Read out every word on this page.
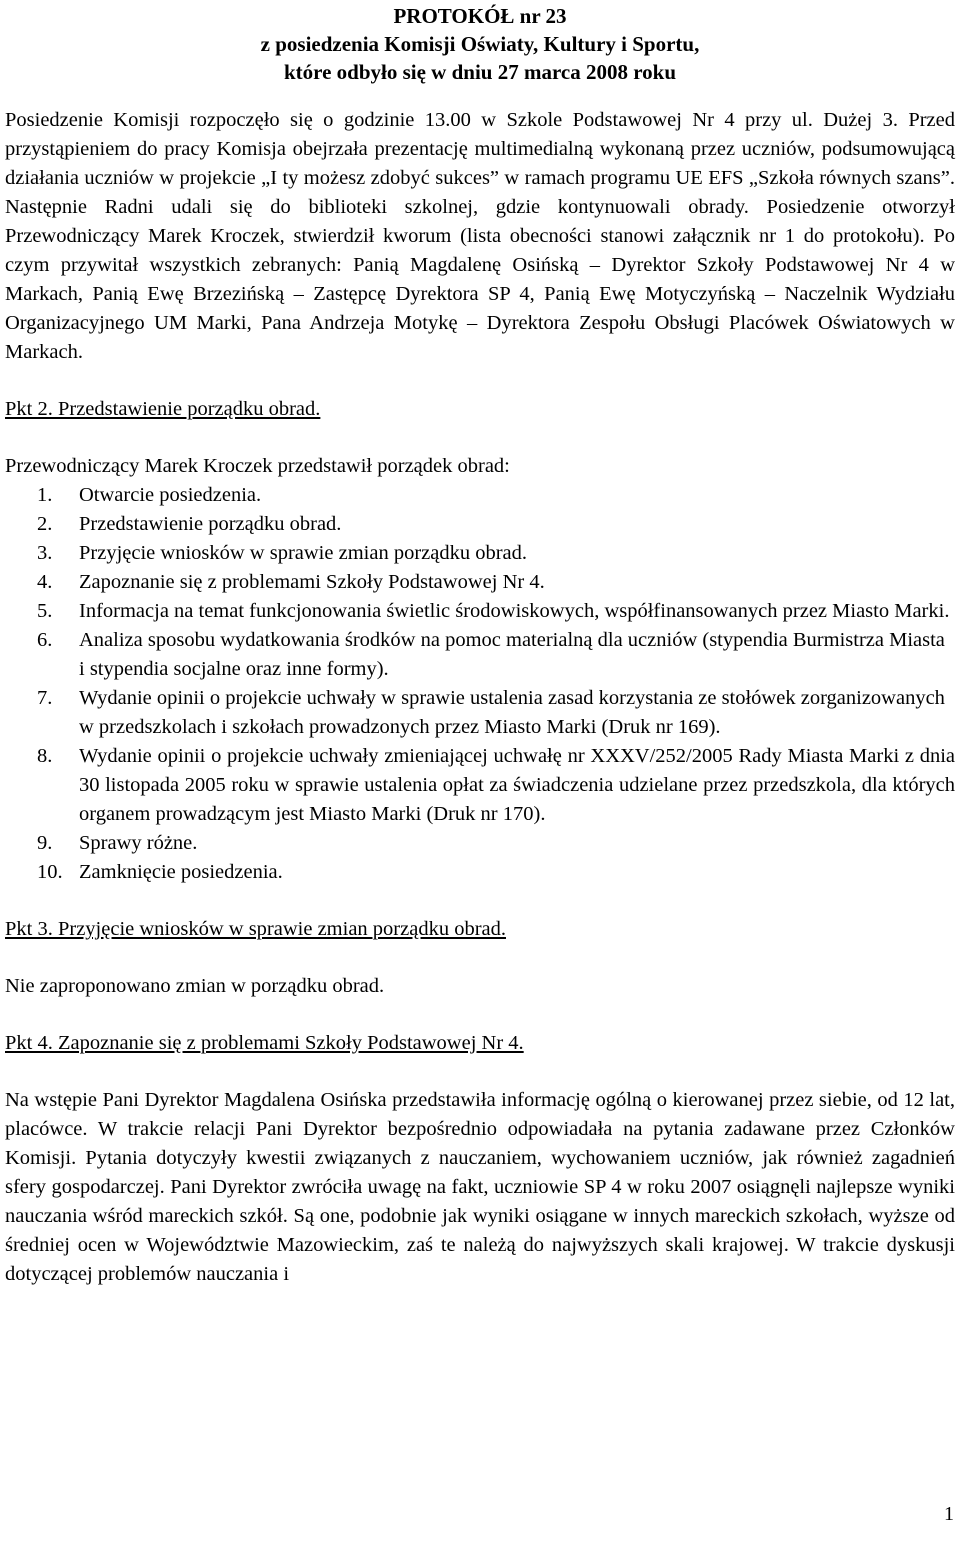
PROTOKÓŁ nr 23
z posiedzenia Komisji Oświaty, Kultury i Sportu,
które odbyło się w dniu 27 marca 2008 roku

Posiedzenie Komisji rozpoczęło się o godzinie 13.00 w Szkole Podstawowej Nr 4 przy ul. Dużej 3. Przed przystąpieniem do pracy Komisja obejrzała prezentację multimedialną wykonaną przez uczniów, podsumowującą działania uczniów w projekcie „I ty możesz zdobyć sukces” w ramach programu UE EFS „Szkoła równych szans”. Następnie Radni udali się do biblioteki szkolnej, gdzie kontynuowali obrady. Posiedzenie otworzył Przewodniczący Marek Kroczek, stwierdził kworum (lista obecności stanowi załącznik nr 1 do protokołu). Po czym przywitał wszystkich zebranych: Panią Magdalenę Osińską – Dyrektor Szkoły Podstawowej Nr 4 w Markach, Panią Ewę Brzezińską – Zastępcę Dyrektora SP 4, Panią Ewę Motyczyńską – Naczelnik Wydziału Organizacyjnego UM Marki, Pana Andrzeja Motykę – Dyrektora Zespołu Obsługi Placówek Oświatowych w Markach.

Pkt 2. Przedstawienie porządku obrad.

Przewodniczący Marek Kroczek przedstawił porządek obrad:

1. Otwarcie posiedzenia.
2. Przedstawienie porządku obrad.
3. Przyjęcie wniosków w sprawie zmian porządku obrad.
4. Zapoznanie się z problemami Szkoły Podstawowej Nr 4.
5. Informacja na temat funkcjonowania świetlic środowiskowych, współfinansowanych przez Miasto Marki.
6. Analiza sposobu wydatkowania środków na pomoc materialną dla uczniów (stypendia Burmistrza Miasta i stypendia socjalne oraz inne formy).
7. Wydanie opinii o projekcie uchwały w sprawie ustalenia zasad korzystania ze stołówek zorganizowanych w przedszkolach i szkołach prowadzonych przez Miasto Marki (Druk nr 169).
8. Wydanie opinii o projekcie uchwały zmieniającej uchwałę nr XXXV/252/2005 Rady Miasta Marki z dnia 30 listopada 2005 roku w sprawie ustalenia opłat za świadczenia udzielane przez przedszkola, dla których organem prowadzącym jest Miasto Marki (Druk nr 170).
9. Sprawy różne.
10. Zamknięcie posiedzenia.

Pkt 3. Przyjęcie wniosków w sprawie zmian porządku obrad.

Nie zaproponowano zmian w porządku obrad.

Pkt 4. Zapoznanie się z problemami Szkoły Podstawowej Nr 4.

Na wstępie Pani Dyrektor Magdalena Osińska przedstawiła informację ogólną o kierowanej przez siebie, od 12 lat, placówce. W trakcie relacji Pani Dyrektor bezpośrednio odpowiadała na pytania zadawane przez Członków Komisji. Pytania dotyczyły kwestii związanych z nauczaniem, wychowaniem uczniów, jak również zagadnień sfery gospodarczej. Pani Dyrektor zwróciła uwagę na fakt, uczniowie SP 4 w roku 2007 osiągnęli najlepsze wyniki nauczania wśród mareckich szkół. Są one, podobnie jak wyniki osiągane w innych mareckich szkołach, wyższe od średniej ocen w Województwie Mazowieckim, zaś te należą do najwyższych skali krajowej. W trakcie dyskusji dotyczącej problemów nauczania i

1
